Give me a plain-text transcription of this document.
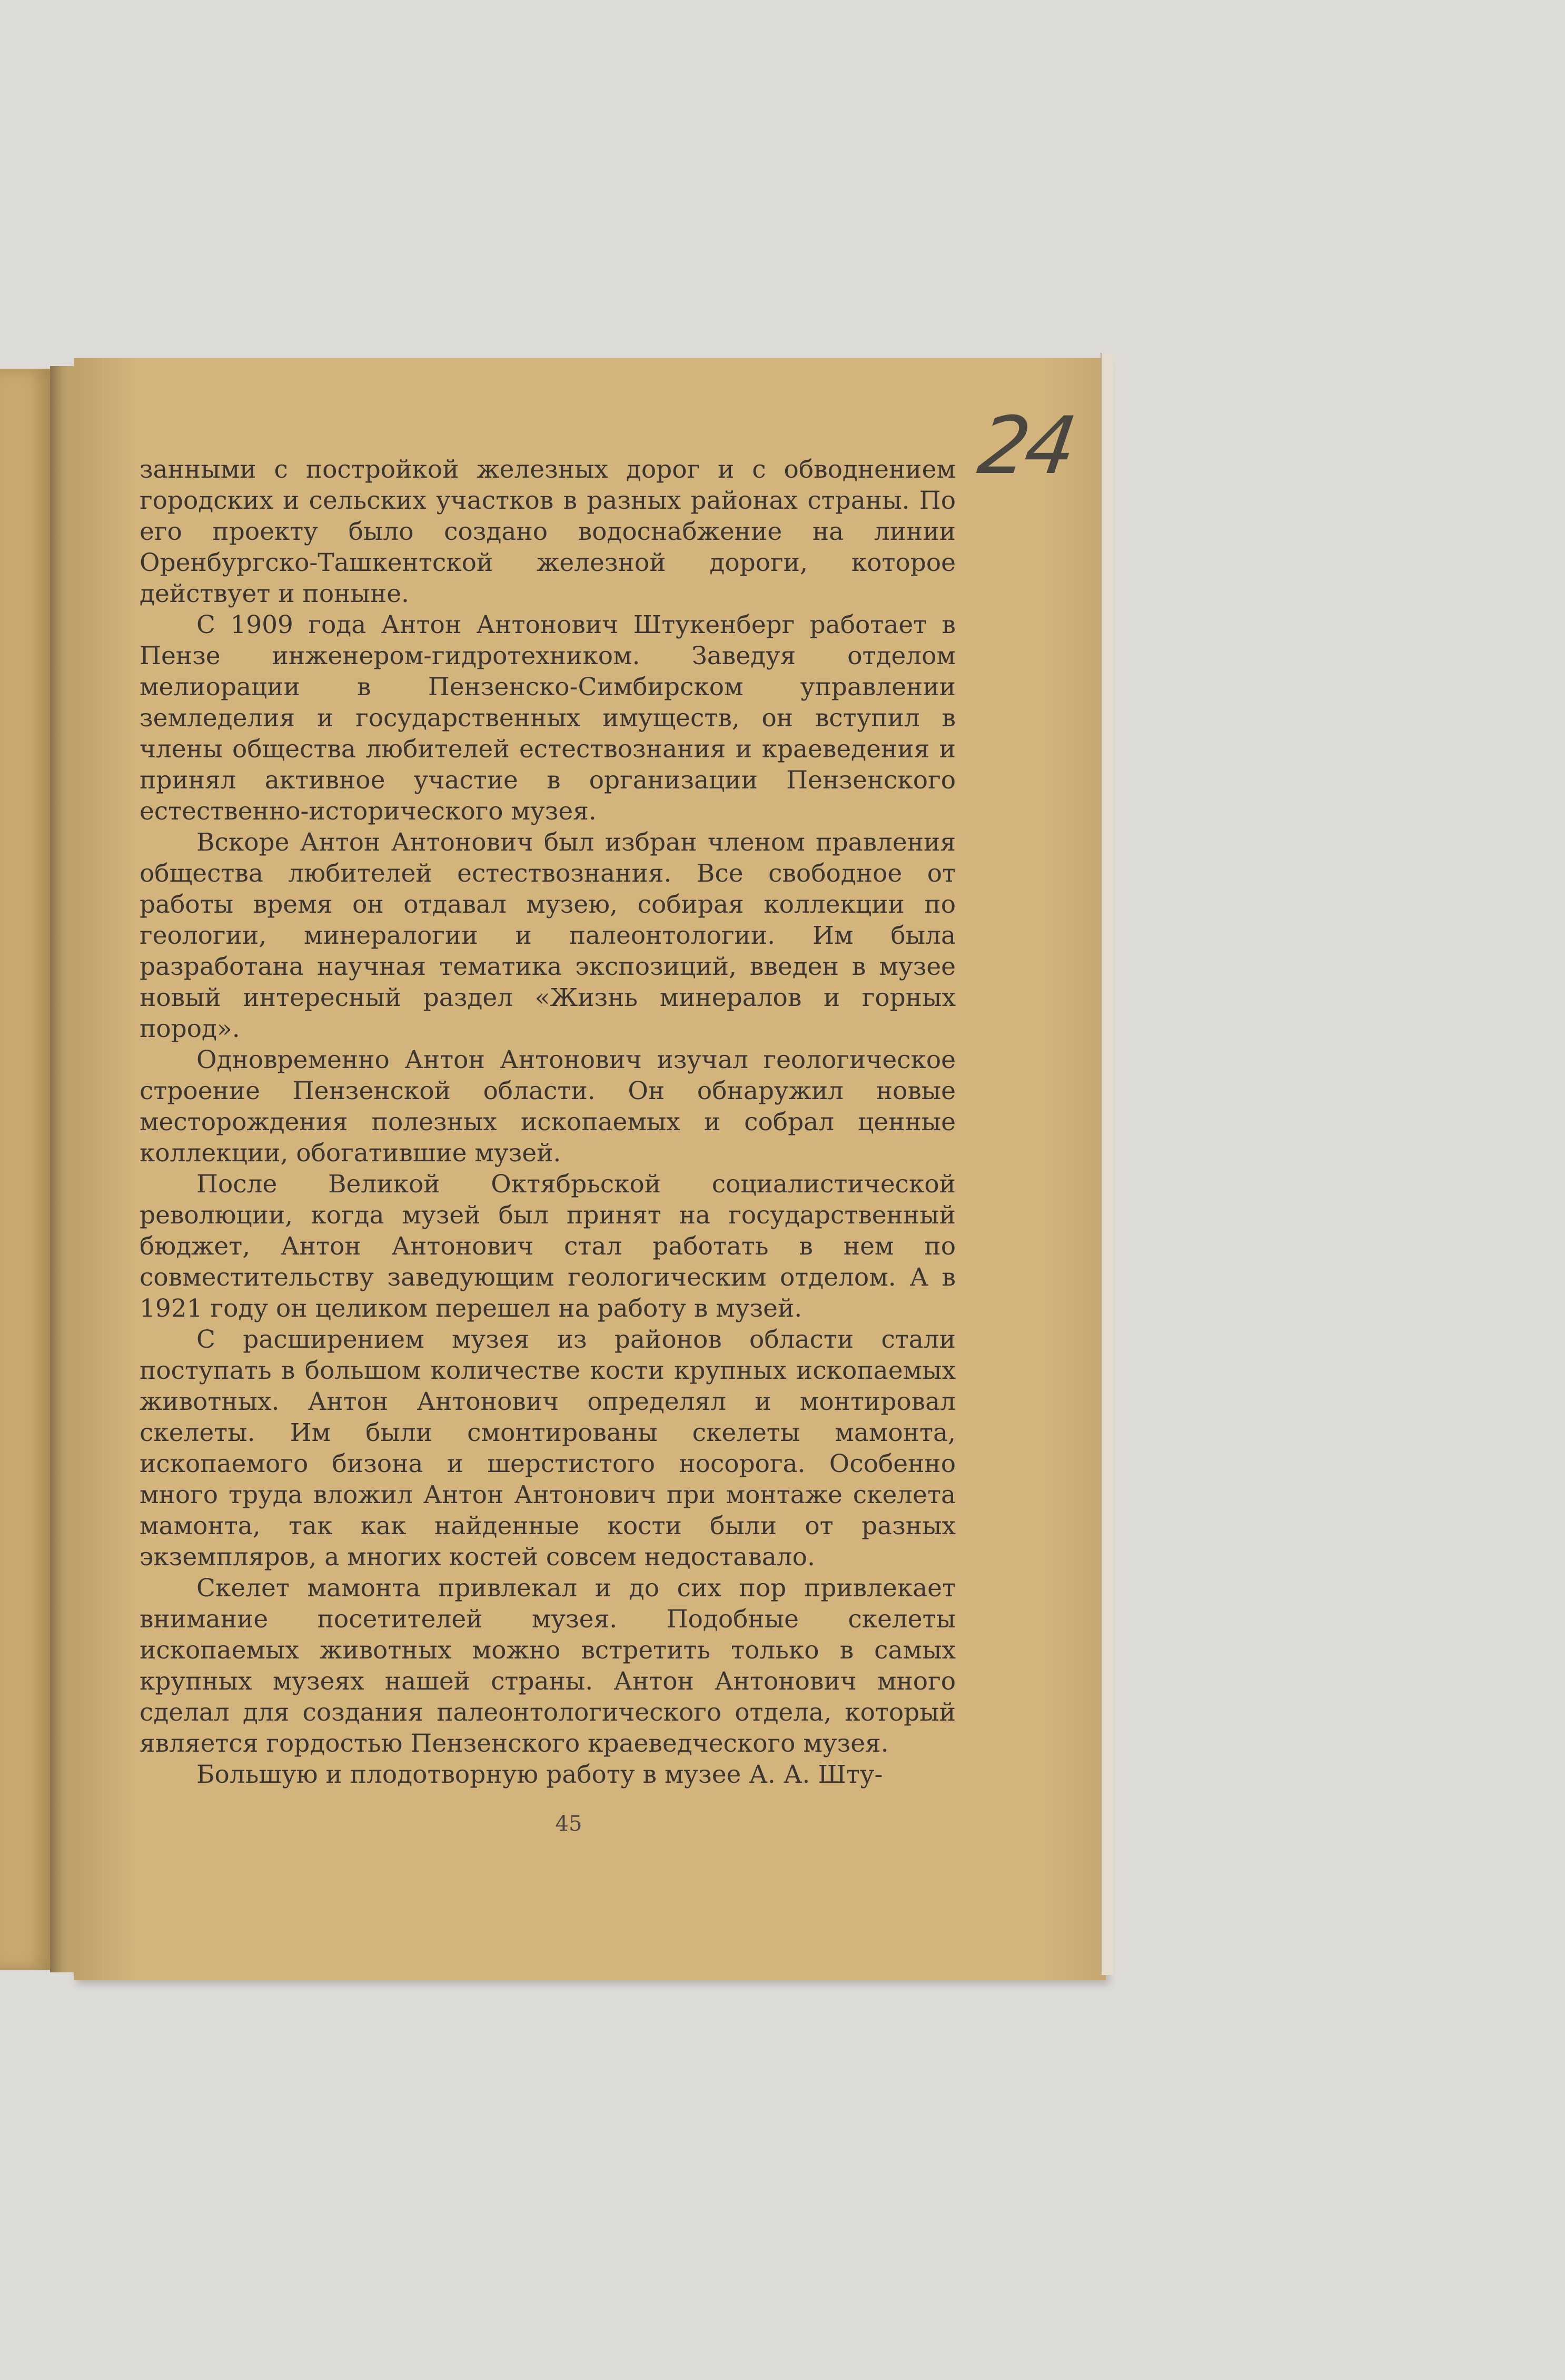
24

занными с постройкой железных дорог и с обводнением городских и сельских участков в разных районах страны. По его проекту было создано водоснабжение на линии Оренбургско-Ташкентской железной дороги, которое действует и поныне.

С 1909 года Антон Антонович Штукенберг работает в Пензе инженером-гидротехником. Заведуя отделом мелиорации в Пензенско-Симбирском управлении земледелия и государственных имуществ, он вступил в члены общества любителей естествознания и краеведения и принял активное участие в организации Пензенского естественно-исторического музея.

Вскоре Антон Антонович был избран членом правления общества любителей естествознания. Все свободное от работы время он отдавал музею, собирая коллекции по геологии, минералогии и палеонтологии. Им была разработана научная тематика экспозиций, введен в музее новый интересный раздел «Жизнь минералов и горных пород».

Одновременно Антон Антонович изучал геологическое строение Пензенской области. Он обнаружил новые месторождения полезных ископаемых и собрал ценные коллекции, обогатившие музей.

После Великой Октябрьской социалистической революции, когда музей был принят на государственный бюджет, Антон Антонович стал работать в нем по совместительству заведующим геологическим отделом. А в 1921 году он целиком перешел на работу в музей.

С расширением музея из районов области стали поступать в большом количестве кости крупных ископаемых животных. Антон Антонович определял и монтировал скелеты. Им были смонтированы скелеты мамонта, ископаемого бизона и шерстистого носорога. Особенно много труда вложил Антон Антонович при монтаже скелета мамонта, так как найденные кости были от разных экземпляров, а многих костей совсем недоставало.

Скелет мамонта привлекал и до сих пор привлекает внимание посетителей музея. Подобные скелеты ископаемых животных можно встретить только в самых крупных музеях нашей страны. Антон Антонович много сделал для создания палеонтологического отдела, который является гордостью Пензенского краеведческого музея.

Большую и плодотворную работу в музее А. А. Шту-

45
